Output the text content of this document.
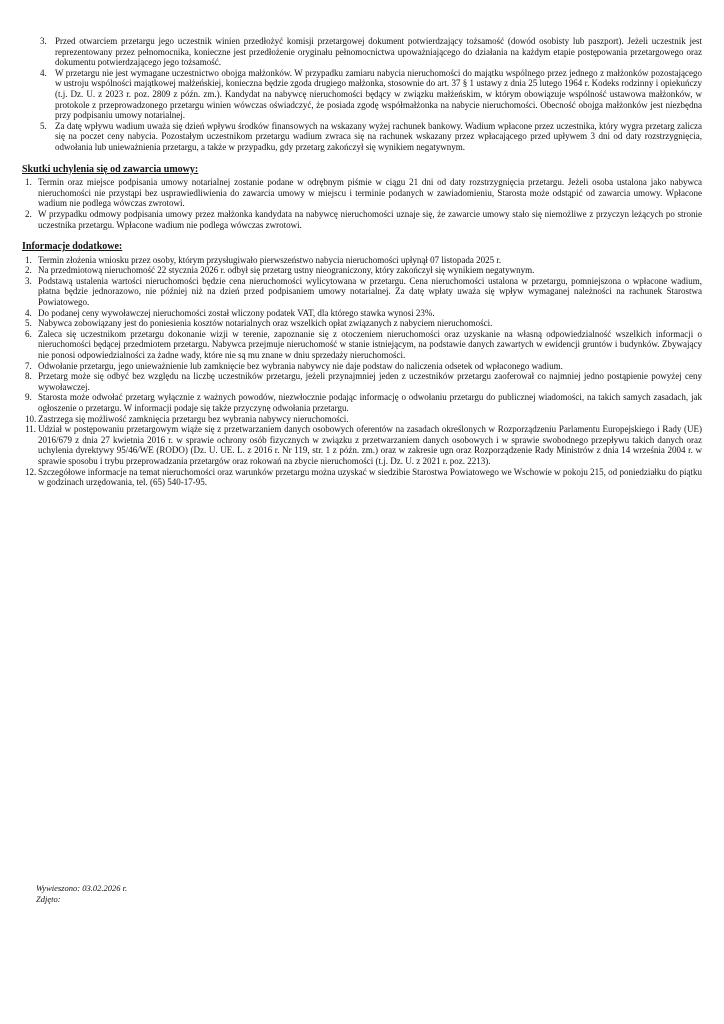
3. Przed otwarciem przetargu jego uczestnik winien przedłożyć komisji przetargowej dokument potwierdzający tożsamość (dowód osobisty lub paszport). Jeżeli uczestnik jest reprezentowany przez pełnomocnika, konieczne jest przedłożenie oryginału pełnomocnictwa upoważniającego do działania na każdym etapie postępowania przetargowego oraz dokumentu potwierdzającego jego tożsamość.
4. W przetargu nie jest wymagane uczestnictwo obojga małżonków. W przypadku zamiaru nabycia nieruchomości do majątku wspólnego przez jednego z małżonków pozostającego w ustroju wspólności majątkowej małżeńskiej, konieczna będzie zgoda drugiego małżonka, stosownie do art. 37 § 1 ustawy z dnia 25 lutego 1964 r. Kodeks rodzinny i opiekuńczy (t.j. Dz. U. z 2023 r. poz. 2809 z późn. zm.). Kandydat na nabywcę nieruchomości będący w związku małżeńskim, w którym obowiązuje wspólność ustawowa małżonków, w protokole z przeprowadzonego przetargu winien wówczas oświadczyć, że posiada zgodę współmałżonka na nabycie nieruchomości. Obecność obojga małżonków jest niezbędna przy podpisaniu umowy notarialnej.
5. Za datę wpływu wadium uważa się dzień wpływu środków finansowych na wskazany wyżej rachunek bankowy. Wadium wpłacone przez uczestnika, który wygra przetarg zalicza się na poczet ceny nabycia. Pozostałym uczestnikom przetargu wadium zwraca się na rachunek wskazany przez wpłacającego przed upływem 3 dni od daty rozstrzygnięcia, odwołania lub unieważnienia przetargu, a także w przypadku, gdy przetarg zakończył się wynikiem negatywnym.
Skutki uchylenia się od zawarcia umowy:
1. Termin oraz miejsce podpisania umowy notarialnej zostanie podane w odrębnym piśmie w ciągu 21 dni od daty rozstrzygnięcia przetargu. Jeżeli osoba ustalona jako nabywca nieruchomości nie przystąpi bez usprawiedliwienia do zawarcia umowy w miejscu i terminie podanych w zawiadomieniu, Starosta może odstąpić od zawarcia umowy. Wpłacone wadium nie podlega wówczas zwrotowi.
2. W przypadku odmowy podpisania umowy przez małżonka kandydata na nabywcę nieruchomości uznaje się, że zawarcie umowy stało się niemożliwe z przyczyn leżących po stronie uczestnika przetargu. Wpłacone wadium nie podlega wówczas zwrotowi.
Informacje dodatkowe:
1. Termin złożenia wniosku przez osoby, którym przysługiwało pierwszeństwo nabycia nieruchomości upłynął 07 listopada 2025 r.
2. Na przedmiotową nieruchomość 22 stycznia 2026 r. odbył się przetarg ustny nieograniczony, który zakończył się wynikiem negatywnym.
3. Podstawą ustalenia wartości nieruchomości będzie cena nieruchomości wylicytowana w przetargu. Cena nieruchomości ustalona w przetargu, pomniejszona o wpłacone wadium, płatna będzie jednorazowo, nie później niż na dzień przed podpisaniem umowy notarialnej. Za datę wpłaty uważa się wpływ wymaganej należności na rachunek Starostwa Powiatowego.
4. Do podanej ceny wywoławczej nieruchomości został wliczony podatek VAT, dla którego stawka wynosi 23%.
5. Nabywca zobowiązany jest do poniesienia kosztów notarialnych oraz wszelkich opłat związanych z nabyciem nieruchomości.
6. Zaleca się uczestnikom przetargu dokonanie wizji w terenie, zapoznanie się z otoczeniem nieruchomości oraz uzyskanie na własną odpowiedzialność wszelkich informacji o nieruchomości będącej przedmiotem przetargu. Nabywca przejmuje nieruchomość w stanie istniejącym, na podstawie danych zawartych w ewidencji gruntów i budynków. Zbywający nie ponosi odpowiedzialności za żadne wady, które nie są mu znane w dniu sprzedaży nieruchomości.
7. Odwołanie przetargu, jego unieważnienie lub zamknięcie bez wybrania nabywcy nie daje podstaw do naliczenia odsetek od wpłaconego wadium.
8. Przetarg może się odbyć bez względu na liczbę uczestników przetargu, jeżeli przynajmniej jeden z uczestników przetargu zaoferował co najmniej jedno postąpienie powyżej ceny wywoławczej.
9. Starosta może odwołać przetarg wyłącznie z ważnych powodów, niezwłocznie podając informację o odwołaniu przetargu do publicznej wiadomości, na takich samych zasadach, jak ogłoszenie o przetargu. W informacji podaje się także przyczynę odwołania przetargu.
10. Zastrzega się możliwość zamknięcia przetargu bez wybrania nabywcy nieruchomości.
11. Udział w postępowaniu przetargowym wiąże się z przetwarzaniem danych osobowych oferentów na zasadach określonych w Rozporządzeniu Parlamentu Europejskiego i Rady (UE) 2016/679 z dnia 27 kwietnia 2016 r. w sprawie ochrony osób fizycznych w związku z przetwarzaniem danych osobowych i w sprawie swobodnego przepływu takich danych oraz uchylenia dyrektywy 95/46/WE (RODO) (Dz. U. UE. L. z 2016 r. Nr 119, str. 1 z późn. zm.) oraz w zakresie ugn oraz Rozporządzenie Rady Ministrów z dnia 14 września 2004 r. w sprawie sposobu i trybu przeprowadzania przetargów oraz rokowań na zbycie nieruchomości (t.j. Dz. U. z 2021 r. poz. 2213).
12. Szczegółowe informacje na temat nieruchomości oraz warunków przetargu można uzyskać w siedzibie Starostwa Powiatowego we Wschowie w pokoju 215, od poniedziałku do piątku w godzinach urzędowania, tel. (65) 540-17-95.
Wywieszono: 03.02.2026 r.
Zdjęto:
